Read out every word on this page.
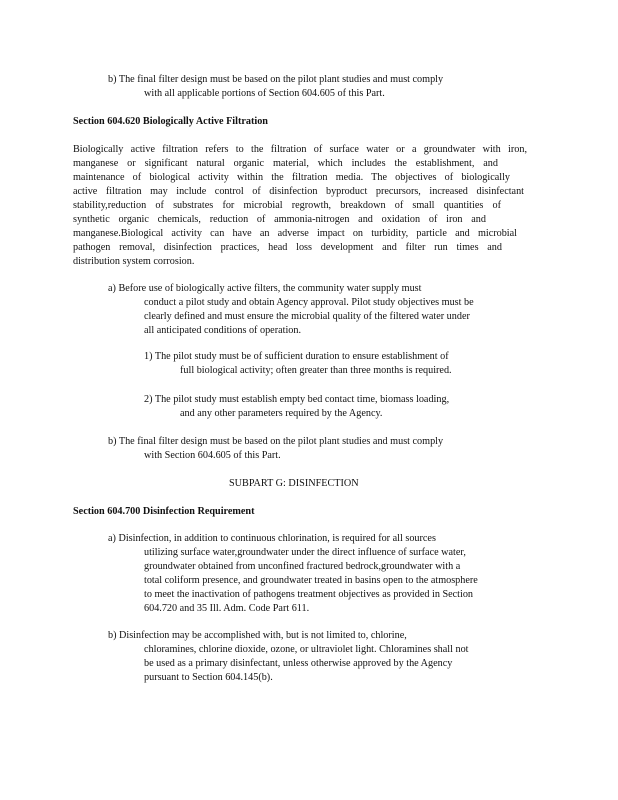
b) The final filter design must be based on the pilot plant studies and must comply
with all applicable portions of Section 604.605 of this Part.
Section 604.620 Biologically Active Filtration
Biologically active filtration refers to the filtration of surface water or a groundwater with iron,
manganese or significant natural organic material, which includes the establishment, and
maintenance of biological activity within the filtration media. The objectives of biologically
active filtration may include control of disinfection byproduct precursors, increased disinfectant
stability,reduction of substrates for microbial regrowth, breakdown of small quantities of
synthetic organic chemicals, reduction of ammonia-nitrogen and oxidation of iron and
manganese.Biological activity can have an adverse impact on turbidity, particle and microbial
pathogen removal, disinfection practices, head loss development and filter run times and
distribution system corrosion.
a) Before use of biologically active filters, the community water supply must
conduct a pilot study and obtain Agency approval. Pilot study objectives must be
clearly defined and must ensure the microbial quality of the filtered water under
all anticipated conditions of operation.
1) The pilot study must be of sufficient duration to ensure establishment of
full biological activity; often greater than three months is required.
2) The pilot study must establish empty bed contact time, biomass loading,
and any other parameters required by the Agency.
b) The final filter design must be based on the pilot plant studies and must comply
with Section 604.605 of this Part.
SUBPART G: DISINFECTION
Section 604.700 Disinfection Requirement
a) Disinfection, in addition to continuous chlorination, is required for all sources
utilizing surface water,groundwater under the direct influence of surface water,
groundwater obtained from unconfined fractured bedrock,groundwater with a
total coliform presence, and groundwater treated in basins open to the atmosphere
to meet the inactivation of pathogens treatment objectives as provided in Section
604.720 and 35 Ill. Adm. Code Part 611.
b) Disinfection may be accomplished with, but is not limited to, chlorine,
chloramines, chlorine dioxide, ozone, or ultraviolet light. Chloramines shall not
be used as a primary disinfectant, unless otherwise approved by the Agency
pursuant to Section 604.145(b).
